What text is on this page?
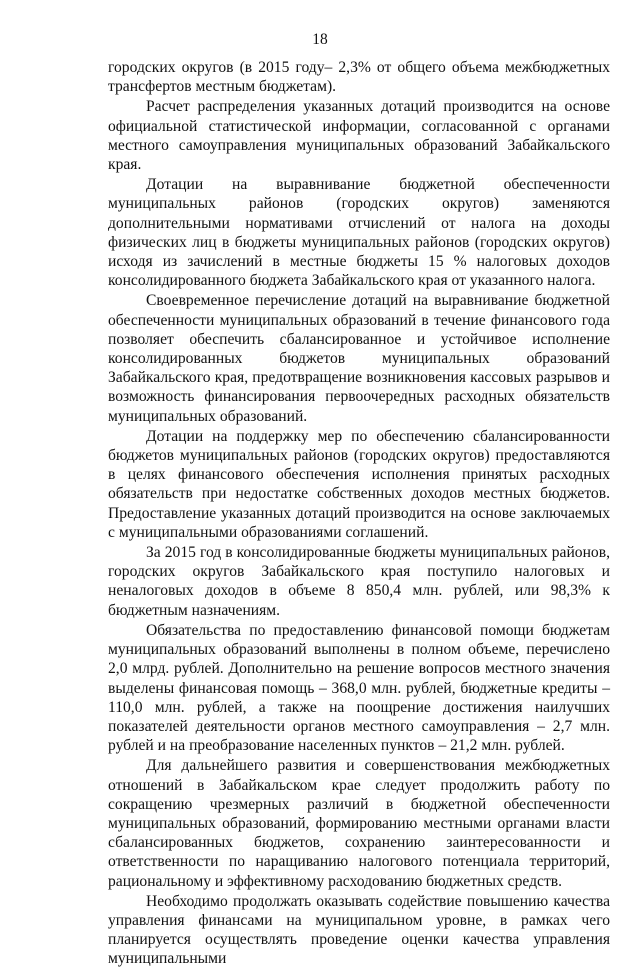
18

городских округов (в 2015 году– 2,3% от общего объема межбюджетных трансфертов местным бюджетам).

Расчет распределения указанных дотаций производится на основе официальной статистической информации, согласованной с органами местного самоуправления муниципальных образований Забайкальского края.

Дотации на выравнивание бюджетной обеспеченности муниципальных районов (городских округов) заменяются дополнительными нормативами отчислений от налога на доходы физических лиц в бюджеты муниципальных районов (городских округов) исходя из зачислений в местные бюджеты 15 % налоговых доходов консолидированного бюджета Забайкальского края от указанного налога.

Своевременное перечисление дотаций на выравнивание бюджетной обеспеченности муниципальных образований в течение финансового года позволяет обеспечить сбалансированное и устойчивое исполнение консолидированных бюджетов муниципальных образований Забайкальского края, предотвращение возникновения кассовых разрывов и возможность финансирования первоочередных расходных обязательств муниципальных образований.

Дотации на поддержку мер по обеспечению сбалансированности бюджетов муниципальных районов (городских округов) предоставляются в целях финансового обеспечения исполнения принятых расходных обязательств при недостатке собственных доходов местных бюджетов. Предоставление указанных дотаций производится на основе заключаемых с муниципальными образованиями соглашений.

За 2015 год в консолидированные бюджеты муниципальных районов, городских округов Забайкальского края поступило налоговых и неналоговых доходов в объеме 8 850,4 млн. рублей, или 98,3% к бюджетным назначениям.

Обязательства по предоставлению финансовой помощи бюджетам муниципальных образований выполнены в полном объеме, перечислено 2,0 млрд. рублей. Дополнительно на решение вопросов местного значения выделены финансовая помощь – 368,0 млн. рублей, бюджетные кредиты – 110,0 млн. рублей, а также на поощрение достижения наилучших показателей деятельности органов местного самоуправления – 2,7 млн. рублей и на преобразование населенных пунктов – 21,2 млн. рублей.

Для дальнейшего развития и совершенствования межбюджетных отношений в Забайкальском крае следует продолжить работу по сокращению чрезмерных различий в бюджетной обеспеченности муниципальных образований, формированию местными органами власти сбалансированных бюджетов, сохранению заинтересованности и ответственности по наращиванию налогового потенциала территорий, рациональному и эффективному расходованию бюджетных средств.

Необходимо продолжать оказывать содействие повышению качества управления финансами на муниципальном уровне, в рамках чего планируется осуществлять проведение оценки качества управления муниципальными
